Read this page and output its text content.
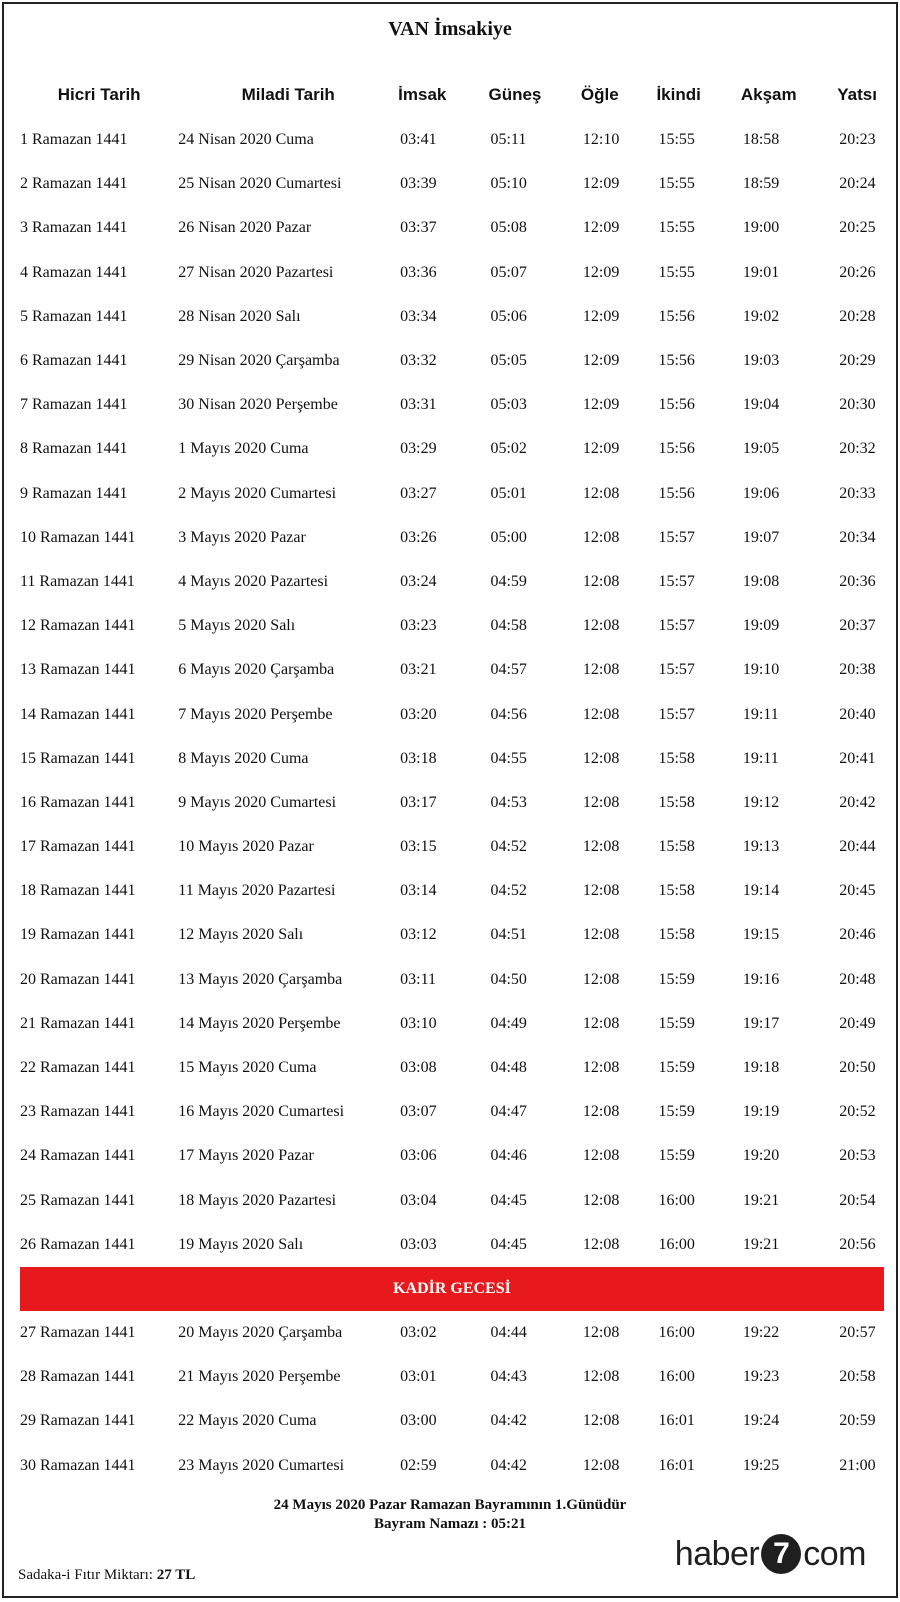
VAN İmsakiye
Hicri Tarih	Miladi Tarih	İmsak	Güneş	Öğle	İkindi	Akşam	Yatsı
1 Ramazan 1441	24 Nisan 2020 Cuma	03:41	05:11	12:10	15:55	18:58	20:23
2 Ramazan 1441	25 Nisan 2020 Cumartesi	03:39	05:10	12:09	15:55	18:59	20:24
3 Ramazan 1441	26 Nisan 2020 Pazar	03:37	05:08	12:09	15:55	19:00	20:25
4 Ramazan 1441	27 Nisan 2020 Pazartesi	03:36	05:07	12:09	15:55	19:01	20:26
5 Ramazan 1441	28 Nisan 2020 Salı	03:34	05:06	12:09	15:56	19:02	20:28
6 Ramazan 1441	29 Nisan 2020 Çarşamba	03:32	05:05	12:09	15:56	19:03	20:29
7 Ramazan 1441	30 Nisan 2020 Perşembe	03:31	05:03	12:09	15:56	19:04	20:30
8 Ramazan 1441	1 Mayıs 2020 Cuma	03:29	05:02	12:09	15:56	19:05	20:32
9 Ramazan 1441	2 Mayıs 2020 Cumartesi	03:27	05:01	12:08	15:56	19:06	20:33
10 Ramazan 1441	3 Mayıs 2020 Pazar	03:26	05:00	12:08	15:57	19:07	20:34
11 Ramazan 1441	4 Mayıs 2020 Pazartesi	03:24	04:59	12:08	15:57	19:08	20:36
12 Ramazan 1441	5 Mayıs 2020 Salı	03:23	04:58	12:08	15:57	19:09	20:37
13 Ramazan 1441	6 Mayıs 2020 Çarşamba	03:21	04:57	12:08	15:57	19:10	20:38
14 Ramazan 1441	7 Mayıs 2020 Perşembe	03:20	04:56	12:08	15:57	19:11	20:40
15 Ramazan 1441	8 Mayıs 2020 Cuma	03:18	04:55	12:08	15:58	19:11	20:41
16 Ramazan 1441	9 Mayıs 2020 Cumartesi	03:17	04:53	12:08	15:58	19:12	20:42
17 Ramazan 1441	10 Mayıs 2020 Pazar	03:15	04:52	12:08	15:58	19:13	20:44
18 Ramazan 1441	11 Mayıs 2020 Pazartesi	03:14	04:52	12:08	15:58	19:14	20:45
19 Ramazan 1441	12 Mayıs 2020 Salı	03:12	04:51	12:08	15:58	19:15	20:46
20 Ramazan 1441	13 Mayıs 2020 Çarşamba	03:11	04:50	12:08	15:59	19:16	20:48
21 Ramazan 1441	14 Mayıs 2020 Perşembe	03:10	04:49	12:08	15:59	19:17	20:49
22 Ramazan 1441	15 Mayıs 2020 Cuma	03:08	04:48	12:08	15:59	19:18	20:50
23 Ramazan 1441	16 Mayıs 2020 Cumartesi	03:07	04:47	12:08	15:59	19:19	20:52
24 Ramazan 1441	17 Mayıs 2020 Pazar	03:06	04:46	12:08	15:59	19:20	20:53
25 Ramazan 1441	18 Mayıs 2020 Pazartesi	03:04	04:45	12:08	16:00	19:21	20:54
26 Ramazan 1441	19 Mayıs 2020 Salı	03:03	04:45	12:08	16:00	19:21	20:56
KADİR GECESİ							
27 Ramazan 1441	20 Mayıs 2020 Çarşamba	03:02	04:44	12:08	16:00	19:22	20:57
28 Ramazan 1441	21 Mayıs 2020 Perşembe	03:01	04:43	12:08	16:00	19:23	20:58
29 Ramazan 1441	22 Mayıs 2020 Cuma	03:00	04:42	12:08	16:01	19:24	20:59
30 Ramazan 1441	23 Mayıs 2020 Cumartesi	02:59	04:42	12:08	16:01	19:25	21:00
24 Mayıs 2020 Pazar Ramazan Bayramının 1.Günüdür
Bayram Namazı : 05:21
Sadaka-i Fıtır Miktarı: 27 TL
haber 7 com
